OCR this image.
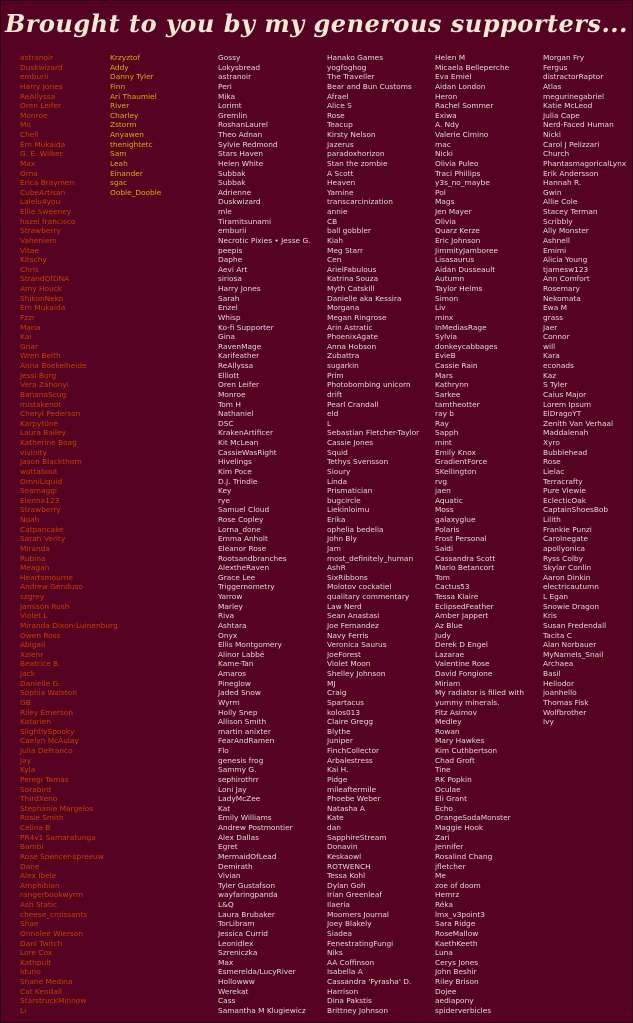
Brought to you by my generous supporters...
astranoir
Duskwizard
emburii
Harry Jones
ReAllyssa
Oren Leifer
Monroe
Mo
Chell
Em Mukaida
G. E. Wilker
Max
Orna
Erica Braymen
CubeArtisan
Lalelu4you
Ellie Sweeney
hazel francisco
Strawberry
Vaheniem
Vitae
Kitschy
Chris
StrandOfDNA
Amy Houck
ShikonNeko
Em Mukaida
Fzzr
Maria
Kai
Gnar
Wren Beith
Anna Boekelheide
Jessi Burg
Vera Záhonyi
BananaScug
mistakenot
Cheryl Pederson
Karpytūnė
Laura Bailey
Katherine Boag
vivinity
Jason Blackthorn
wottabout
OmniLiquid
Seamaggi
Elenna123
Strawberry
Noah
Catpancake
Sarah Verity
Miranda
Rubina
Meagan
Heartsmourne
Andrew Genduso
szgrey
Jamison Rush
Violet L
Miranda Dixon-Luinenburg
Owen Ross
Abigail
Xzienr
Beatrice B.
Jack
Danielle G.
Sophia Walston
GB
Riley Emerson
Katarien
SlightlySpooky
Caelyn McAulay
Julia DeFranco
Jay
Kyla
Peregi Tamas
Sorabird
ThirdXeno
Stephanie Margelos
Rosie Smith
Celina B
PR4v1 Samaratunga
Bambi
Rose Spencer-spreeuw
Dane
Alex Ibele
Amphibian
rangerbookwyrm
Ash Static
cheese_croissants
Shae
Onnolee Wierson
Dani Twitch
Lore Cox
Kathpult
Iduno
Shane Medina
Cat Kendall
StarstruckMinnow
Li
Krzyztof
Addy
Danny Tyler
Finn
Ari Thaumiel
River
Charley
Zstorm
Anyawen
thenightetc
Sam
Leah
Einander
sgac
Ooble_Dooble
Gossy
Lokysbread
astranoir
Peri
Mika
Lorimt
Gremlin
RoshanLaurel
Theo Adnan
Sylvie Redmond
Stars Haven
Helen White
Subbak
Subbak
Adrienne
Duskwizard
mle
Tiramitsunami
emburii
Necrotic Pixies • Jesse G.
peepis
Daphe
Aevi Art
siriosa
Harry Jones
Sarah
Enzel
Whisp
Ko-fi Supporter
Gina
RavenMage
Karifeather
ReAllyssa
Elliott
Oren Leifer
Monroe
Tom H
Nathaniel
DSC
KrakenArtificer
Kit McLean
CassieWasRight
Hivelings
Kim Poce
D.J. Trindle
Key
rye
Samuel Cloud
Rose Copley
Lorna_done
Emma Anholt
Eleanor Rose
Rootsandbranches
AlextheRaven
Grace Lee
Triggernometry
Yarrow
Marley
Riva
Ashtara
Onyx
Ellis Montgomery
Alinor Labbé
Kame-Tan
Amaros
Pineglow
Jaded Snow
Wyrm
Holly Snep
Allison Smith
martin anixter
FearAndRamen
Flo
genesis frog
Sammy G.
sephirothrr
Loni Jay
LadyMcZee
Kat
Emily Williams
Andrew Postmontier
Alex Dallas
Egret
MermaidOfLead
Demirath
Vivian
Tyler Gustafson
wayfaringpanda
L&Q
Laura Brubaker
TorLibram
Jessica Currid
Leonidlex
Szreniczka
Max
Esmerelda/LucyRiver
Hollowww
Werekat
Cass
Samantha M Klugiewicz
Hanako Games
yogfoghog
The Traveller
Bear and Bun Customs
Afrael
Alice S
Rose
Teacup
Kirsty Nelson
Jazerus
paradoxhorizon
Stan the zombie
A Scott
Heaven
Yamine
transcarcinization
annie
CB
ball gobbler
Kiah
Meg Starr
Cen
ArielFabulous
Katrina Souza
Myth Catskill
Danielle aka Kessira
Morgana
Megan Ringrose
Arin Astratic
PhoenixAgate
Anna Hobson
Zubattra
sugarkin
Prim
Photobombing unicorn
drift
Pearl Crandall
eld
L
Sebastian Fletcher-Taylor
Cassie Jones
Squid
Tethys Svensson
Sioury
Linda
Prismatician
bugcircle
Liekinloimu
Erika
ophelia bedelia
John Bly
Jam
most_definitely_human
AshR
SixRibbons
Molotov cockatiel
qualitary commentary
Law Nerd
Sean Anastasi
Joe Fernandez
Navy Ferris
Veronica Saurus
JoeForest
Violet Moon
Shelley Johnson
MJ
Craig
Spartacus
kolos013
Claire Gregg
Blythe
Juniper
FinchCollector
Arbalestress
Kai H.
Pidge
mileaftermile
Phoebe Weber
Natasha A
Kate
dan
SapphireStream
Donavin
Keskaowl
ROTWENCH
Tessa Kohl
Dylan Goh
Irian Greenleaf
Ilaeria
Moomers Journal
Joey Blakely
Siadea
FenestratingFungi
Niks
AA Coffinson
Isabella A
Cassandra 'Fyrasha' D.
Harrison
Dina Pakstis
Brittney Johnson
Helen M
Micaela Belleperche
Eva Emiel
Aidan London
Heron
Rachel Sommer
Exiwa
A. Ndy
Valerie Cimino
mac
Nicki
Olivia Puleo
Traci Phillips
y3s_no_maybe
Pol
Mags
Jen Mayer
Olivia
Quarz Kerze
Eric Johnson
JimmityJamboree
Lisasaurus
Aidan Dusseault
Autumn
Taylor Helms
Simon
Liv
minx
InMediasRage
Sylvia
donkeycabbages
EvieB
Cassie Rain
Mars
Kathrynn
Sarkee
tamtheotter
ray b
Ray
Sapph
mint
Emily Knox
GradientForce
SKellington
rvg
jaen
Aquatic
Moss
galaxyglue
Polaris
Frost Personal
Saidi
Cassandra Scott
Mario Betancort
Tom
Cactus53
Tessa Klaire
EclipsedFeather
Amber Jappert
Az Blue
Judy
Derek D Engel
Lazarae
Valentine Rose
David Fongione
Miriam
My radiator is filled with
yummy minerals.
Fitz Asimov
Medley
Rowan
Mary Hawkes
Kim Cuthbertson
Chad Groft
Tine
RK Popkin
Oculae
Eli Grant
Echo
OrangeSodaMonster
Maggie Hook
Zari
Jennifer
Rosalind Chang
jfletcher
Me
zoe of doom
Hemrz
Réka
lmx_v3point3
Sara Ridge
RoseMallow
KaethKeeth
Luna
Cerys Jones
John Beshir
Riley Brison
Dojee
aediapony
spiderverbicles
Morgan Fry
Fergus
distractorRaptor
Atlas
megurinegabriel
Katie McLeod
Julia Cape
Nerd-Faced Human
Nicki
Carol J Pelizzari
Church
PhantasmagoricalLynx
Erik Andersson
Hannah R.
Gwin
Allie Cole
Stacey Terman
Scribbly
Ally Monster
Ashnell
Emimi
Alicia Young
tjamesw123
Ann Comfort
Rosemary
Nekomata
Ewa M
grass
Jaer
Connor
will
Kara
econads
Kaz
S Tyler
Caius Major
Lorem Ipsum
ElDragoYT
Zenith Van Verhaal
Maddalenah
Xyro
Bubblehead
Rose
Lielac
Terracrafty
Pure Viewie
EclecticOak
CaptainShoesBob
Lilith
Frankie Punzi
Carolnegate
apollyonica
Ryss Colby
Skylar Conlin
Aaron Dinkin
electricautumn
L Egan
Snowie Dragon
Kris
Susan Fredendall
Tacita C
Alan Norbauer
MyNameIs_Snail
Archaea
Basil
Heliodor
joanhello
Thomas Fisk
Wolfbrother
Ivy
